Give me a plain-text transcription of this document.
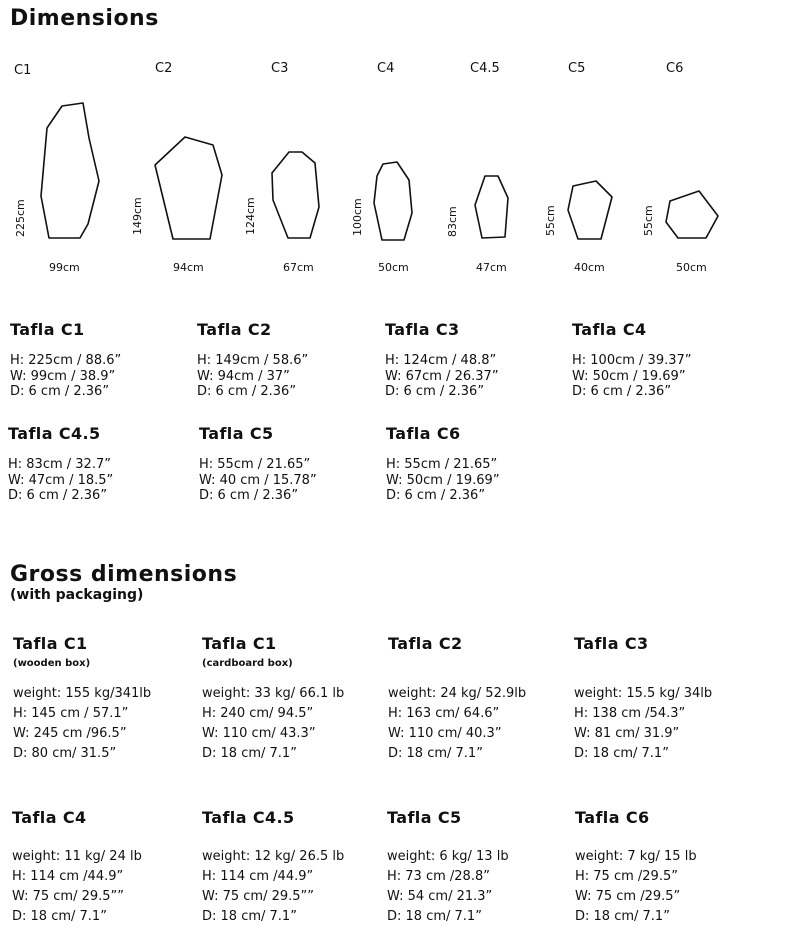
Dimensions
C1	C2	C3	C4	C4.5	C5	C6
225cm	149cm	124cm	100cm	83cm	55cm	55cm
99cm	94cm	67cm	50cm	47cm	40cm	50cm
Tafla C1
H: 225cm / 88.6”
W: 99cm / 38.9”
D: 6 cm / 2.36”
Tafla C2
H: 149cm / 58.6”
W: 94cm / 37”
D: 6 cm / 2.36”
Tafla C3
H: 124cm / 48.8”
W: 67cm / 26.37”
D: 6 cm / 2.36”
Tafla C4
H: 100cm / 39.37”
W: 50cm / 19.69”
D: 6 cm / 2.36”
Tafla C4.5
H: 83cm / 32.7”
W: 47cm / 18.5”
D: 6 cm / 2.36”
Tafla C5
H: 55cm / 21.65”
W: 40 cm / 15.78”
D: 6 cm / 2.36”
Tafla C6
H: 55cm / 21.65”
W: 50cm / 19.69”
D: 6 cm / 2.36”
Gross dimensions
(with packaging)
Tafla C1
(wooden box)
weight: 155 kg/341lb
H: 145 cm / 57.1”
W: 245 cm /96.5”
D: 80 cm/ 31.5”
Tafla C1
(cardboard box)
weight: 33 kg/ 66.1 lb
H: 240 cm/ 94.5”
W: 110 cm/ 43.3”
D: 18 cm/ 7.1”
Tafla C2
weight: 24 kg/ 52.9lb
H: 163 cm/ 64.6”
W: 110 cm/ 40.3”
D: 18 cm/ 7.1”
Tafla C3
weight: 15.5 kg/ 34lb
H: 138 cm /54.3”
W: 81 cm/ 31.9”
D: 18 cm/ 7.1”
Tafla C4
weight: 11 kg/ 24 lb
H: 114 cm /44.9”
W: 75 cm/ 29.5””
D: 18 cm/ 7.1”
Tafla C4.5
weight: 12 kg/ 26.5 lb
H: 114 cm /44.9”
W: 75 cm/ 29.5””
D: 18 cm/ 7.1”
Tafla C5
weight: 6 kg/ 13 lb
H: 73 cm /28.8”
W: 54 cm/ 21.3”
D: 18 cm/ 7.1”
Tafla C6
weight: 7 kg/ 15 lb
H: 75 cm /29.5”
W: 75 cm /29.5”
D: 18 cm/ 7.1”
